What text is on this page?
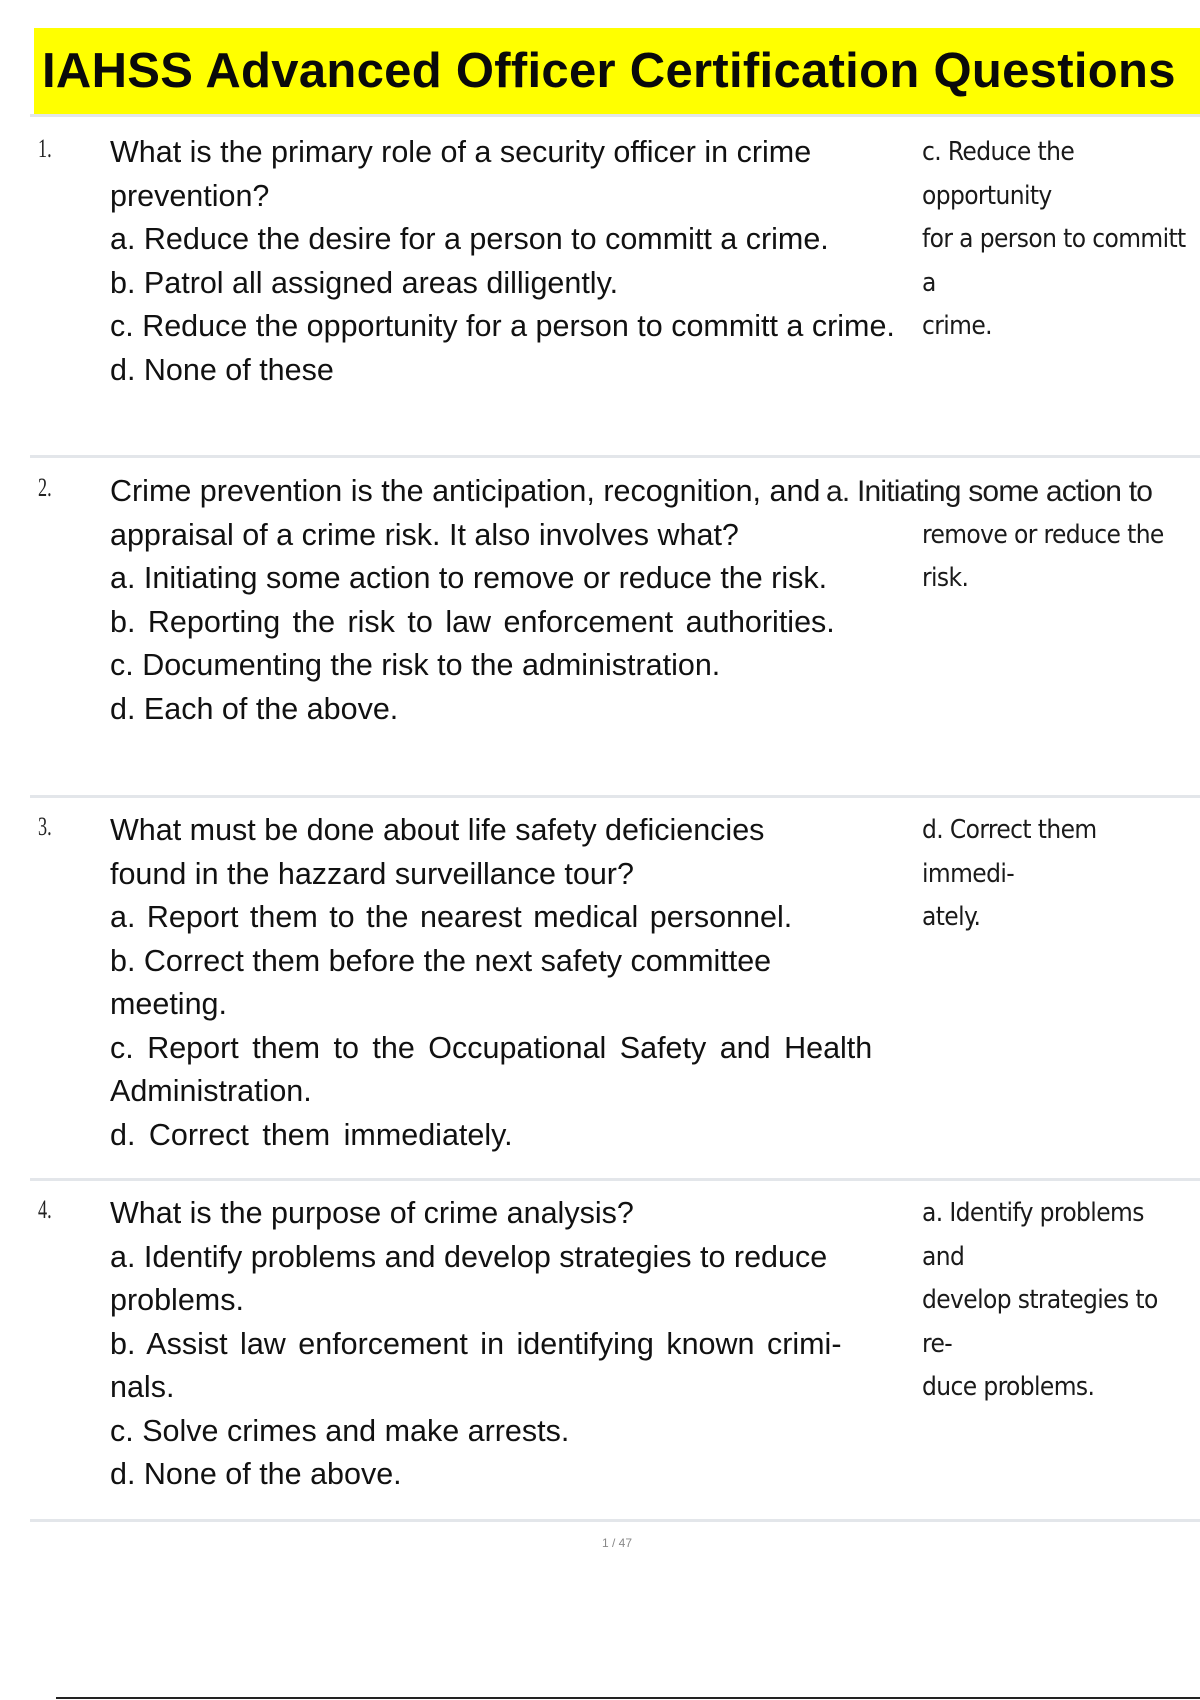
IAHSS Advanced Officer Certification Questions
1. What is the primary role of a security officer in crime

prevention?

a. Reduce the desire for a person to committ a crime.

b. Patrol all assigned areas dilligently.

c. Reduce the opportunity for a person to committ a crime.

d. None of these

c. Reduce the opportunity
for a person to committ a
crime.
2. Crime prevention is the anticipation, recognition, and

appraisal of a crime risk. It also involves what?

a. Initiating some action to remove or reduce the risk.

b. Reporting the risk to law enforcement authorities.

c. Documenting the risk to the administration.

d. Each of the above.

a. Initiating some action to
remove or reduce the risk.
3. What must be done about life safety deficiencies

found in the hazzard surveillance tour?

a. Report them to the nearest medical personnel.

b. Correct them before the next safety committee meeting.

c. Report them to the Occupational Safety and Health Administration.

d. Correct them immediately.

d. Correct them immedi-
ately.
4. What is the purpose of crime analysis?

a. Identify problems and develop strategies to reduce problems.

b. Assist law enforcement in identifying known crimi- nals.

c. Solve crimes and make arrests.

d. None of the above.

a. Identify problems and
develop strategies to re-
duce problems.
1 / 47
